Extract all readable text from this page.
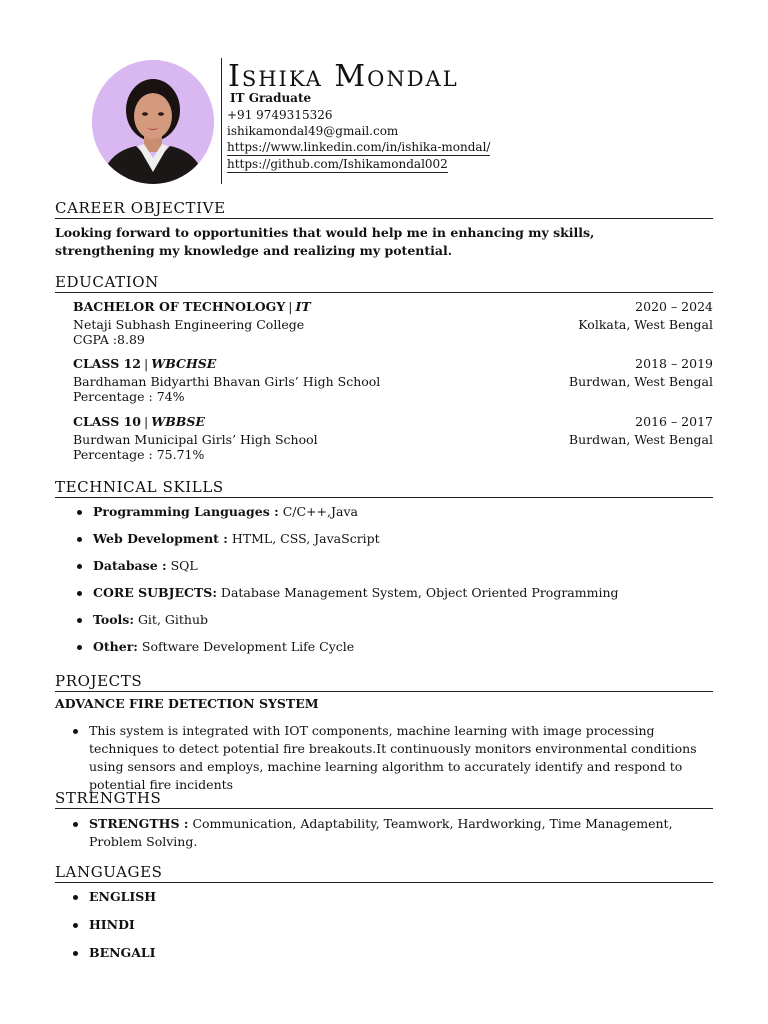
Ishika Mondal
IT Graduate
+91 9749315326
ishikamondal49@gmail.com
https://www.linkedin.com/in/ishika-mondal/
https://github.com/Ishikamondal002
CAREER OBJECTIVE
Looking forward to opportunities that would help me in enhancing my skills, strengthening my knowledge and realizing my potential.
EDUCATION
BACHELOR OF TECHNOLOGY | IT	2020 – 2024
Netaji Subhash Engineering College	Kolkata, West Bengal
CGPA :8.89
CLASS 12 | WBCHSE	2018 – 2019
Bardhaman Bidyarthi Bhavan Girls’ High School	Burdwan, West Bengal
Percentage : 74%
CLASS 10 | WBBSE	2016 – 2017
Burdwan Municipal Girls’ High School	Burdwan, West Bengal
Percentage : 75.71%
TECHNICAL SKILLS
Programming Languages : C/C++,Java
Web Development : HTML, CSS, JavaScript
Database : SQL
CORE SUBJECTS: Database Management System, Object Oriented Programming
Tools: Git, Github
Other: Software Development Life Cycle
PROJECTS
ADVANCE FIRE DETECTION SYSTEM
This system is integrated with IOT components, machine learning with image processing techniques to detect potential fire breakouts.It continuously monitors environmental conditions using sensors and employs, machine learning algorithm to accurately identify and respond to potential fire incidents
STRENGTHS
STRENGTHS : Communication, Adaptability, Teamwork, Hardworking, Time Management, Problem Solving.
LANGUAGES
ENGLISH
HINDI
BENGALI
